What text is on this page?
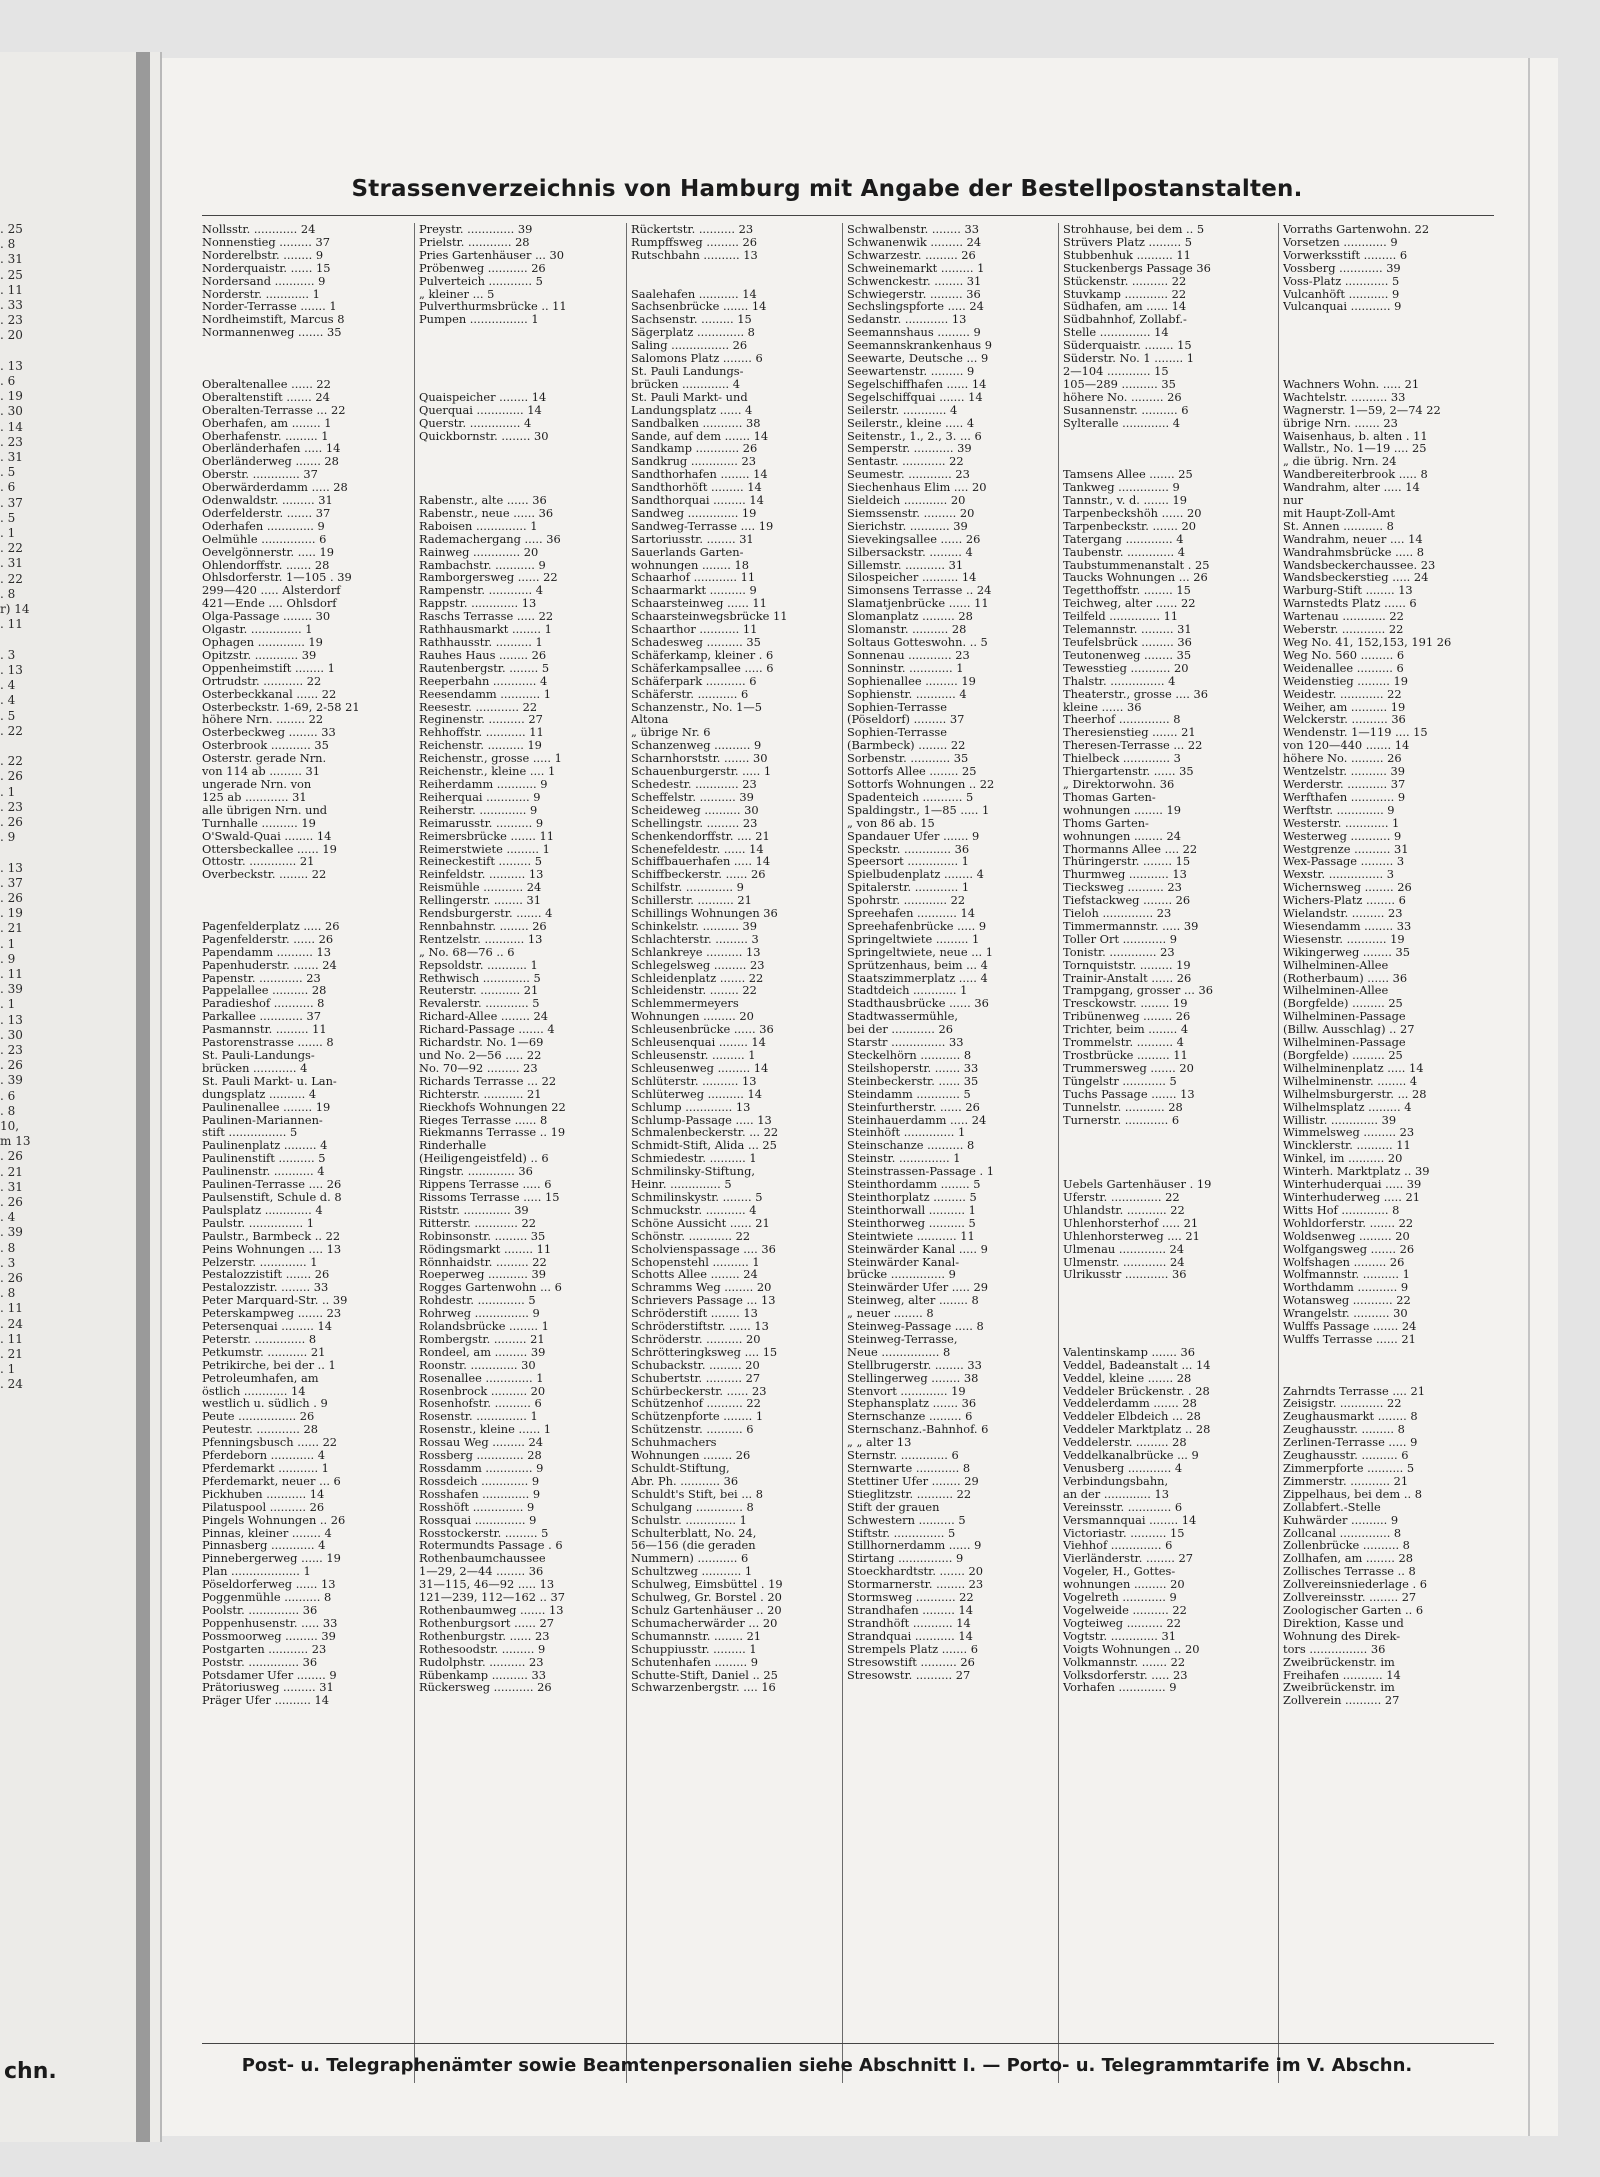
. 25
. 8
. 31
. 25
. 11
. 33
. 23
. 20

. 13
. 6
. 19
. 30
. 14
. 23
. 31
. 5
. 6
. 37
. 5
. 1
. 22
. 31
. 22
. 8
r) 14
. 11

. 3
. 13
. 4
. 4
. 5
. 22

. 22
. 26
. 1
. 23
. 26
. 9

. 13
. 37
. 26
. 19
. 21
. 1
. 9
. 11
. 39
. 1
. 13
. 30
. 23
. 26
. 39
. 6
. 8
10,
m 13
. 26
. 21
. 31
. 26
. 4
. 39
. 8
. 3
. 26
. 8
. 11
. 24
. 11
. 21
. 1
. 24
chn.
Strassenverzeichnis von Hamburg mit Angabe der Bestellpostanstalten.
Nollsstr. ............ 24
Nonnenstieg ......... 37
Norderelbstr. ........ 9
Norderquaistr. ...... 15
Nordersand ........... 9
Norderstr. ............ 1
Norder-Terrasse ....... 1
Nordheimstift, Marcus 8
Normannenweg ....... 35
Oberaltenallee ...... 22
Oberaltenstift ....... 24
Oberalten-Terrasse ... 22
Oberhafen, am ........ 1
Oberhafenstr. ......... 1
Oberländerhafen ..... 14
Oberländerweg ....... 28
Oberstr. ............. 37
Oberwärderdamm ..... 28
Odenwaldstr. ......... 31
Oderfelderstr. ....... 37
Oderhafen ............. 9
Oelmühle ............... 6
Oevelgönnerstr. ..... 19
Ohlendorffstr. ....... 28
Ohlsdorferstr. 1—105 . 39
299—420 ..... Alsterdorf
421—Ende .... Ohlsdorf
Olga-Passage ........ 30
Olgastr. .............. 1
Ophagen ............. 19
Opitzstr. ............ 39
Oppenheimstift ........ 1
Ortrudstr. ........... 22
Osterbeckkanal ...... 22
Osterbeckstr. 1-69, 2-58 21
höhere Nrn. ........ 22
Osterbeckweg ........ 33
Osterbrook ........... 35
Osterstr. gerade Nrn.
von 114 ab ......... 31
ungerade Nrn. von
125 ab ............ 31
alle übrigen Nrn. und
Turnhalle .......... 19
O'Swald-Quai ........ 14
Ottersbeckallee ...... 19
Ottostr. ............. 21
Overbeckstr. ........ 22
Pagenfelderplatz ..... 26
Pagenfelderstr. ...... 26
Papendamm .......... 13
Papenhuderstr. ....... 24
Papenstr. ............ 23
Pappelallee .......... 28
Paradieshof ........... 8
Parkallee ............ 37
Pasmannstr. ......... 11
Pastorenstrasse ....... 8
St. Pauli-Landungs-
brücken ............ 4
St. Pauli Markt- u. Lan-
dungsplatz .......... 4
Paulinenallee ........ 19
Paulinen-Mariannen-
stift ................ 5
Paulinenplatz ......... 4
Paulinenstift .......... 5
Paulinenstr. ........... 4
Paulinen-Terrasse .... 26
Paulsenstift, Schule d. 8
Paulsplatz ............. 4
Paulstr. ............... 1
Paulstr., Barmbeck .. 22
Peins Wohnungen .... 13
Pelzerstr. ............. 1
Pestalozzistift ....... 26
Pestalozzistr. ........ 33
Peter Marquard-Str. .. 39
Peterskampweg ....... 23
Petersenquai ......... 14
Peterstr. .............. 8
Petkumstr. ........... 21
Petrikirche, bei der .. 1
Petroleumhafen, am
östlich ............ 14
westlich u. südlich . 9
Peute ................ 26
Peutestr. ............ 28
Pfenningsbusch ...... 22
Pferdeborn ............ 4
Pferdemarkt ........... 1
Pferdemarkt, neuer ... 6
Pickhuben ........... 14
Pilatuspool .......... 26
Pingels Wohnungen .. 26
Pinnas, kleiner ........ 4
Pinnasberg ............ 4
Pinnebergerweg ...... 19
Plan ................... 1
Pöseldorferweg ...... 13
Poggenmühle .......... 8
Poolstr. .............. 36
Poppenhusenstr. ..... 33
Possmoorweg ......... 39
Postgarten ........... 23
Poststr. .............. 36
Potsdamer Ufer ........ 9
Prätoriusweg ......... 31
Präger Ufer .......... 14
Preystr. ............. 39
Prielstr. ............ 28
Pries Gartenhäuser ... 30
Pröbenweg ........... 26
Pulverteich ............ 5
„ kleiner ... 5
Pulverthurmsbrücke .. 11
Pumpen ................ 1
Quaispeicher ........ 14
Querquai ............. 14
Querstr. .............. 4
Quickbornstr. ........ 30
Rabenstr., alte ...... 36
Rabenstr., neue ...... 36
Raboisen .............. 1
Rademachergang ..... 36
Rainweg ............. 20
Rambachstr. ........... 9
Ramborgersweg ...... 22
Rampenstr. ............ 4
Rappstr. ............. 13
Raschs Terrasse ..... 22
Rathhausmarkt ........ 1
Rathhausstr. .......... 1
Rauhes Haus ........ 26
Rautenbergstr. ........ 5
Reeperbahn ............ 4
Reesendamm ........... 1
Reesestr. ............ 22
Reginenstr. .......... 27
Rehhoffstr. ........... 11
Reichenstr. .......... 19
Reichenstr., grosse ..... 1
Reichenstr., kleine .... 1
Reiherdamm ........... 9
Reiherquai ............ 9
Reiherstr. ............. 9
Reimarusstr. .......... 9
Reimersbrücke ....... 11
Reimerstwiete ......... 1
Reineckestift ......... 5
Reinfeldstr. .......... 13
Reismühle ........... 24
Rellingerstr. ........ 31
Rendsburgerstr. ....... 4
Rennbahnstr. ........ 26
Rentzelstr. ........... 13
„ No. 68—76 .. 6
Repsoldstr. ........... 1
Rethwisch ............. 5
Reuterstr. ........... 21
Revalerstr. ............ 5
Richard-Allee ........ 24
Richard-Passage ....... 4
Richardstr. No. 1—69
und No. 2—56 ..... 22
No. 70—92 ......... 23
Richards Terrasse ... 22
Richterstr. ........... 21
Rieckhofs Wohnungen 22
Rieges Terrasse ...... 8
Riekmanns Terrasse .. 19
Rinderhalle
(Heiligengeistfeld) .. 6
Ringstr. ............. 36
Rippens Terrasse ..... 6
Rissoms Terrasse ..... 15
Riststr. ............. 39
Ritterstr. ............ 22
Robinsonstr. ......... 35
Rödingsmarkt ........ 11
Rönnhaidstr. ......... 22
Roeperweg ........... 39
Rogges Gartenwohn ... 6
Rohdestr. ............. 5
Rohrweg ............... 9
Rolandsbrücke ........ 1
Rombergstr. ......... 21
Rondeel, am ......... 39
Roonstr. ............. 30
Rosenallee ............. 1
Rosenbrock .......... 20
Rosenhofstr. .......... 6
Rosenstr. .............. 1
Rosenstr., kleine ...... 1
Rossau Weg ......... 24
Rossberg ............. 28
Rossdamm ............. 9
Rossdeich ............. 9
Rosshafen ............. 9
Rosshöft .............. 9
Rossquai .............. 9
Rosstockerstr. ......... 5
Rotermundts Passage . 6
Rothenbaumchaussee
1—29, 2—44 ........ 36
31—115, 46—92 ..... 13
121—239, 112—162 .. 37
Rothenbaumweg ....... 13
Rothenburgsort ...... 27
Rothenburgstr. ...... 23
Rothesoodstr. ......... 9
Rudolphstr. .......... 23
Rübenkamp .......... 33
Rückersweg ........... 26
Rückertstr. .......... 23
Rumpffsweg ......... 26
Rutschbahn .......... 13
Saalehafen ........... 14
Sachsenbrücke ....... 14
Sachsenstr. ......... 15
Sägerplatz ............. 8
Saling ................ 26
Salomons Platz ........ 6
St. Pauli Landungs-
brücken ............. 4
St. Pauli Markt- und
Landungsplatz ...... 4
Sandbalken ........... 38
Sande, auf dem ....... 14
Sandkamp ............ 26
Sandkrug ............. 23
Sandthorhafen ........ 14
Sandthorhöft ......... 14
Sandthorquai ......... 14
Sandweg .............. 19
Sandweg-Terrasse .... 19
Sartoriusstr. ........ 31
Sauerlands Garten-
wohnungen ........ 18
Schaarhof ............ 11
Schaarmarkt .......... 9
Schaarsteinweg ...... 11
Schaarsteinwegsbrücke 11
Schaarthor ........... 11
Schadesweg .......... 35
Schäferkamp, kleiner . 6
Schäferkampsallee ..... 6
Schäferpark ........... 6
Schäferstr. ........... 6
Schanzenstr., No. 1—5
Altona
„ übrige Nr. 6
Schanzenweg .......... 9
Scharnhorststr. ....... 30
Schauenburgerstr. ..... 1
Schedestr. ............ 23
Scheffelstr. .......... 39
Scheideweg .......... 30
Schellingstr. ......... 23
Schenkendorffstr. .... 21
Schenefeldestr. ...... 14
Schiffbauerhafen ..... 14
Schiffbeckerstr. ...... 26
Schilfstr. ............. 9
Schillerstr. .......... 21
Schillings Wohnungen 36
Schinkelstr. .......... 39
Schlachterstr. ......... 3
Schlankreye .......... 13
Schlegelsweg ......... 23
Schleidenplatz ....... 22
Schleidenstr. ........ 22
Schlemmermeyers
Wohnungen ......... 20
Schleusenbrücke ...... 36
Schleusenquai ........ 14
Schleusenstr. ......... 1
Schleusenweg ......... 14
Schlüterstr. .......... 13
Schlüterweg .......... 14
Schlump ............. 13
Schlump-Passage ..... 13
Schmalenbeckerstr. ... 22
Schmidt-Stift, Alida ... 25
Schmiedestr. .......... 1
Schmilinsky-Stiftung,
Heinr. .............. 5
Schmilinskystr. ........ 5
Schmuckstr. ........... 4
Schöne Aussicht ...... 21
Schönstr. ............ 22
Scholvienspassage .... 36
Schopenstehl .......... 1
Schotts Allee ........ 24
Schramms Weg ........ 20
Schrievers Passage ... 13
Schröderstift ........ 13
Schröderstiftstr. ...... 13
Schröderstr. .......... 20
Schrötteringksweg .... 15
Schubackstr. ......... 20
Schubertstr. .......... 27
Schürbeckerstr. ...... 23
Schützenhof .......... 22
Schützenpforte ........ 1
Schützenstr. .......... 6
Schuhmachers
Wohnungen ........ 26
Schuldt-Stiftung,
Abr. Ph. ........... 36
Schuldt's Stift, bei ... 8
Schulgang ............. 8
Schulstr. .............. 1
Schulterblatt, No. 24,
56—156 (die geraden
Nummern) ........... 6
Schultzweg ........... 1
Schulweg, Eimsbüttel . 19
Schulweg, Gr. Borstel . 20
Schulz Gartenhäuser .. 20
Schumacherwärder ... 20
Schumannstr. ........ 21
Schuppiusstr. ......... 1
Schutenhafen ......... 9
Schutte-Stift, Daniel .. 25
Schwarzenbergstr. .... 16
Schwalbenstr. ........ 33
Schwanenwik ......... 24
Schwarzestr. ......... 26
Schweinemarkt ......... 1
Schwenckestr. ........ 31
Schwiegerstr. ......... 36
Sechslingspforte ..... 24
Sedanstr. ............ 13
Seemannshaus ......... 9
Seemannskrankenhaus 9
Seewarte, Deutsche ... 9
Seewartenstr. ......... 9
Segelschiffhafen ...... 14
Segelschiffquai ....... 14
Seilerstr. ............ 4
Seilerstr., kleine ..... 4
Seitenstr., 1., 2., 3. ... 6
Semperstr. ........... 39
Sentastr. ............ 22
Seumestr. ............ 23
Siechenhaus Elim .... 20
Sieldeich ............ 20
Siemssenstr. ......... 20
Sierichstr. ........... 39
Sievekingsallee ...... 26
Silbersackstr. ......... 4
Sillemstr. ........... 31
Silospeicher .......... 14
Simonsens Terrasse .. 24
Slamatjenbrücke ...... 11
Slomanplatz ......... 28
Slomanstr. .......... 28
Soltaus Gotteswohn. .. 5
Sonnenau ............ 23
Sonninstr. ............ 1
Sophienallee ......... 19
Sophienstr. ........... 4
Sophien-Terrasse
(Pöseldorf) ......... 37
Sophien-Terrasse
(Barmbeck) ........ 22
Sorbenstr. ........... 35
Sottorfs Allee ........ 25
Sottorfs Wohnungen .. 22
Spadenteich ........... 5
Spaldingstr., 1—85 ..... 1
„ von 86 ab. 15
Spandauer Ufer ....... 9
Speckstr. ............. 36
Speersort .............. 1
Spielbudenplatz ........ 4
Spitalerstr. ............ 1
Spohrstr. ............ 22
Spreehafen ........... 14
Spreehafenbrücke ..... 9
Springeltwiete ......... 1
Springeltwiete, neue ... 1
Sprützenhaus, beim ... 4
Staatszimmerplatz ..... 4
Stadtdeich ............ 1
Stadthausbrücke ...... 36
Stadtwassermühle,
bei der ............ 26
Starstr ............... 33
Steckelhörn ........... 8
Steilshoperstr. ....... 33
Steinbeckerstr. ...... 35
Steindamm ............ 5
Steinfurtherstr. ...... 26
Steinhauerdamm ..... 24
Steinhöft .............. 1
Steinschanze .......... 8
Steinstr. .............. 1
Steinstrassen-Passage . 1
Steinthordamm ........ 5
Steinthorplatz ......... 5
Steinthorwall .......... 1
Steinthorweg .......... 5
Steintwiete ........... 11
Steinwärder Kanal ..... 9
Steinwärder Kanal-
brücke ............... 9
Steinwärder Ufer ..... 29
Steinweg, alter ........ 8
„ neuer ........ 8
Steinweg-Passage ..... 8
Steinweg-Terrasse,
Neue ................ 8
Stellbrugerstr. ........ 33
Stellingerweg ........ 38
Stenvort ............. 19
Stephansplatz ....... 36
Sternschanze ......... 6
Sternschanz.-Bahnhof. 6
„ „ alter 13
Sternstr. ............. 6
Sternwarte ............ 8
Stettiner Ufer ........ 29
Stieglitzstr. .......... 22
Stift der grauen
Schwestern .......... 5
Stiftstr. .............. 5
Stillhornerdamm ...... 9
Stirtang ............... 9
Stoeckhardtstr. ....... 20
Stormarnerstr. ........ 23
Stormsweg ........... 22
Strandhafen ......... 14
Strandhöft ........... 14
Strandquai ........... 14
Strempels Platz ....... 6
Stresowstift .......... 26
Stresowstr. .......... 27
Strohhause, bei dem .. 5
Strüvers Platz ......... 5
Stubbenhuk .......... 11
Stuckenbergs Passage 36
Stückenstr. .......... 22
Stuvkamp ............ 22
Südhafen, am ...... 14
Südbahnhof, Zollabf.-
Stelle .............. 14
Süderquaistr. ........ 15
Süderstr. No. 1 ........ 1
2—104 ............ 15
105—289 .......... 35
höhere No. ......... 26
Susannenstr. .......... 6
Sylteralle ............. 4
Tamsens Allee ....... 25
Tankweg .............. 9
Tannstr., v. d. ....... 19
Tarpenbeckshöh ...... 20
Tarpenbeckstr. ....... 20
Tatergang ............. 4
Taubenstr. ............. 4
Taubstummenanstalt . 25
Taucks Wohnungen ... 26
Tegetthoffstr. ........ 15
Teichweg, alter ...... 22
Teilfeld .............. 11
Telemannstr. ......... 31
Teufelsbrück ......... 36
Teutonenweg ........ 35
Tewesstieg ........... 20
Thalstr. ............... 4
Theaterstr., grosse .... 36
kleine ...... 36
Theerhof .............. 8
Theresienstieg ....... 21
Theresen-Terrasse ... 22
Thielbeck ............. 3
Thiergartenstr. ...... 35
„ Direktorwohn. 36
Thomas Garten-
wohnungen ........ 19
Thoms Garten-
wohnungen ........ 24
Thormanns Allee .... 22
Thüringerstr. ........ 15
Thurmweg ........... 13
Tiecksweg .......... 23
Tiefstackweg ........ 26
Tieloh .............. 23
Timmermannstr. ..... 39
Toller Ort ............ 9
Tonistr. ............. 23
Tornquiststr. ......... 19
Trainir-Anstalt ...... 26
Trampgang, grosser ... 36
Tresckowstr. ........ 19
Tribünenweg ........ 26
Trichter, beim ........ 4
Trommelstr. .......... 4
Trostbrücke ......... 11
Trummersweg ....... 20
Tüngelstr ............ 5
Tuchs Passage ....... 13
Tunnelstr. ........... 28
Turnerstr. ............ 6
Uebels Gartenhäuser . 19
Uferstr. .............. 22
Uhlandstr. ........... 22
Uhlenhorsterhof ..... 21
Uhlenhorsterweg .... 21
Ulmenau ............. 24
Ulmenstr. ............ 24
Ulrikusstr ............ 36
Valentinskamp ....... 36
Veddel, Badeanstalt ... 14
Veddel, kleine ....... 28
Veddeler Brückenstr. . 28
Veddelerdamm ....... 28
Veddeler Elbdeich ... 28
Veddeler Marktplatz .. 28
Veddelerstr. ......... 28
Veddelkanalbrücke ... 9
Venusberg ............ 4
Verbindungsbahn,
an der ............. 13
Vereinsstr. ............ 6
Versmannquai ........ 14
Victoriastr. .......... 15
Viehhof .............. 6
Vierländerstr. ........ 27
Vogeler, H., Gottes-
wohnungen ......... 20
Vogelreth ............ 9
Vogelweide .......... 22
Vogteiweg .......... 22
Vogtstr. ............. 31
Voigts Wohnungen .. 20
Volkmannstr. ....... 22
Volksdorferstr. ..... 23
Vorhafen ............. 9
Vorraths Gartenwohn. 22
Vorsetzen ............ 9
Vorwerksstift ......... 6
Vossberg ............ 39
Voss-Platz ............ 5
Vulcanhöft ........... 9
Vulcanquai ........... 9
Wachners Wohn. ..... 21
Wachtelstr. .......... 33
Wagnerstr. 1—59, 2—74 22
übrige Nrn. ....... 23
Waisenhaus, b. alten . 11
Wallstr., No. 1—19 .... 25
„ die übrig. Nrn. 24
Wandbereiterbrook ..... 8
Wandrahm, alter ..... 14
nur
mit Haupt-Zoll-Amt
St. Annen ........... 8
Wandrahm, neuer .... 14
Wandrahmsbrücke ..... 8
Wandsbeckerchaussee. 23
Wandsbeckerstieg ..... 24
Warburg-Stift ........ 13
Warnstedts Platz ...... 6
Wartenau ............ 22
Weberstr. ............ 22
Weg No. 41, 152,153, 191 26
Weg No. 560 ......... 6
Weidenallee .......... 6
Weidenstieg ......... 19
Weidestr. ............ 22
Weiher, am .......... 19
Welckerstr. .......... 36
Wendenstr. 1—119 .... 15
von 120—440 ....... 14
höhere No. ......... 26
Wentzelstr. .......... 39
Werderstr. ........... 37
Werfthafen ............ 9
Werftstr. ............. 9
Westerstr. ............ 1
Westerweg ........... 9
Westgrenze .......... 31
Wex-Passage ......... 3
Wexstr. ............... 3
Wichernsweg ........ 26
Wichers-Platz ........ 6
Wielandstr. ......... 23
Wiesendamm ........ 33
Wiesenstr. ........... 19
Wikingerweg ........ 35
Wilhelminen-Allee
(Rotherbaum) ...... 36
Wilhelminen-Allee
(Borgfelde) ......... 25
Wilhelminen-Passage
(Billw. Ausschlag) .. 27
Wilhelminen-Passage
(Borgfelde) ......... 25
Wilhelminenplatz ..... 14
Wilhelminenstr. ........ 4
Wilhelmsburgerstr. ... 28
Wilhelmsplatz ......... 4
Willistr. ............. 39
Wimmelsweg ......... 23
Wincklerstr. .......... 11
Winkel, im .......... 20
Winterh. Marktplatz .. 39
Winterhuderquai ..... 39
Winterhuderweg ..... 21
Witts Hof ............. 8
Wohldorferstr. ....... 22
Woldsenweg ......... 20
Wolfgangsweg ....... 26
Wolfshagen ......... 26
Wolfmannstr. .......... 1
Worthdamm ........... 9
Wotansweg ........... 22
Wrangelstr. .......... 30
Wulffs Passage ....... 24
Wulffs Terrasse ...... 21
Zahrndts Terrasse .... 21
Zeisigstr. ............ 22
Zeughausmarkt ........ 8
Zeughausstr. ......... 8
Zerlinen-Terrasse ..... 9
Zeughausstr. .......... 6
Zimmerpforte .......... 5
Zimmerstr. ........... 21
Zippelhaus, bei dem .. 8
Zollabfert.-Stelle
Kuhwärder .......... 9
Zollcanal .............. 8
Zollenbrücke .......... 8
Zollhafen, am ........ 28
Zollisches Terrasse .. 8
Zollvereinsniederlage . 6
Zollvereinsstr. ........ 27
Zoologischer Garten .. 6
Direktion, Kasse und
Wohnung des Direk-
tors ................ 36
Zweibrückenstr. im
Freihafen ........... 14
Zweibrückenstr. im
Zollverein .......... 27
Post- u. Telegraphenämter sowie Beamtenpersonalien siehe Abschnitt I. — Porto- u. Telegrammtarife im V. Abschn.
